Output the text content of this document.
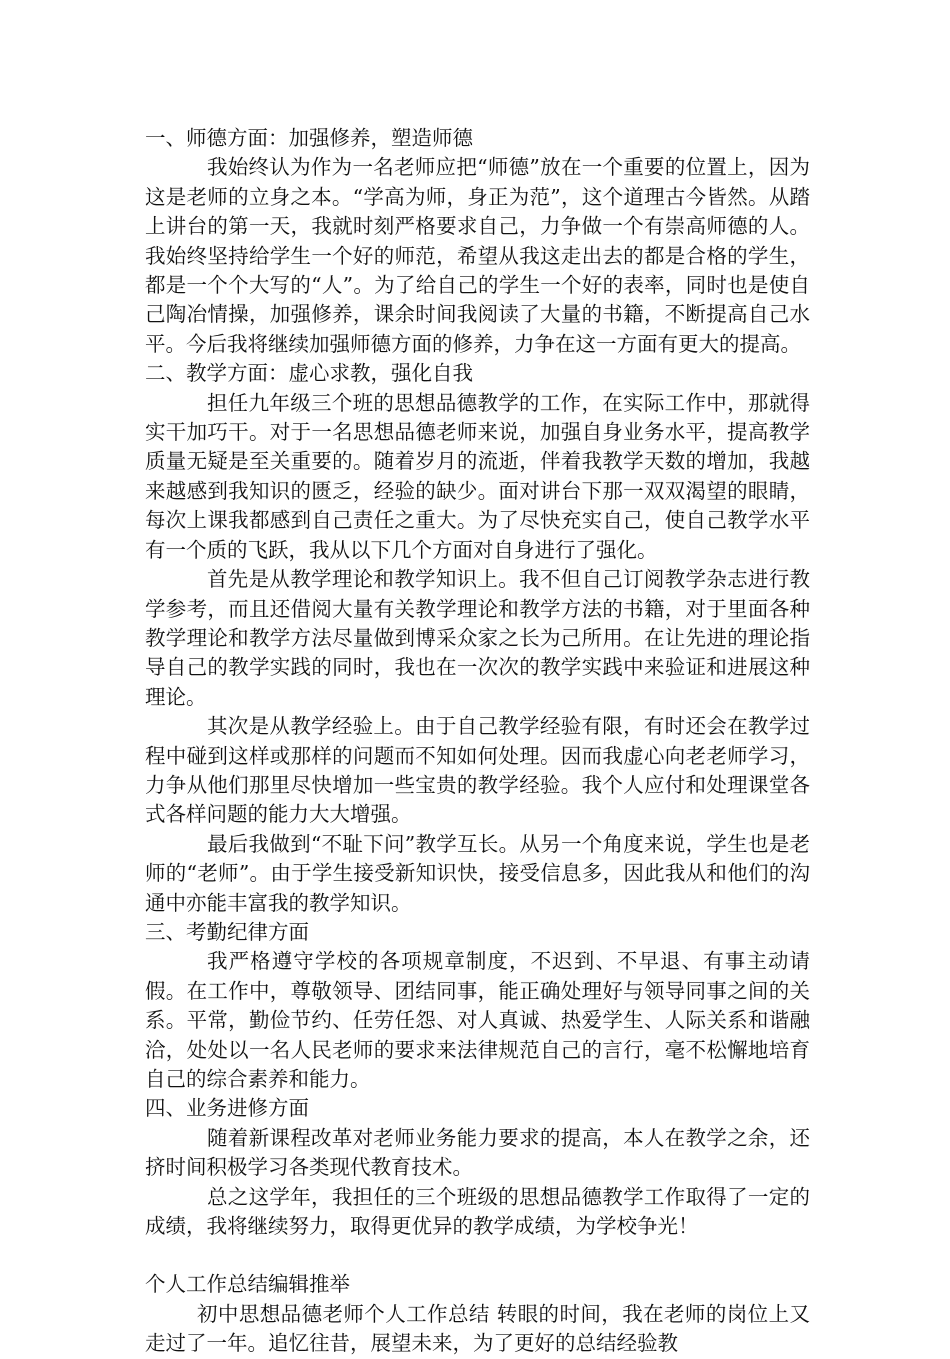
一、师德方面：加强修养，塑造师德

我始终认为作为一名老师应把“师德”放在一个重要的位置上，因为这是老师的立身之本。“学高为师，身正为范”，这个道理古今皆然。从踏上讲台的第一天，我就时刻严格要求自己，力争做一个有崇高师德的人。我始终坚持给学生一个好的师范，希望从我这走出去的都是合格的学生，都是一个个大写的“人”。为了给自己的学生一个好的表率，同时也是使自己陶冶情操，加强修养，课余时间我阅读了大量的书籍，不断提高自己水平。今后我将继续加强师德方面的修养，力争在这一方面有更大的提高。

二、教学方面：虚心求教，强化自我

担任九年级三个班的思想品德教学的工作，在实际工作中，那就得实干加巧干。对于一名思想品德老师来说，加强自身业务水平，提高教学质量无疑是至关重要的。随着岁月的流逝，伴着我教学天数的增加，我越来越感到我知识的匮乏，经验的缺少。面对讲台下那一双双渴望的眼睛，每次上课我都感到自己责任之重大。为了尽快充实自己，使自己教学水平有一个质的飞跃，我从以下几个方面对自身进行了强化。

首先是从教学理论和教学知识上。我不但自己订阅教学杂志进行教学参考，而且还借阅大量有关教学理论和教学方法的书籍，对于里面各种教学理论和教学方法尽量做到博采众家之长为己所用。在让先进的理论指导自己的教学实践的同时，我也在一次次的教学实践中来验证和进展这种理论。

其次是从教学经验上。由于自己教学经验有限，有时还会在教学过程中碰到这样或那样的问题而不知如何处理。因而我虚心向老老师学习，力争从他们那里尽快增加一些宝贵的教学经验。我个人应付和处理课堂各式各样问题的能力大大增强。

最后我做到“不耻下问”教学互长。从另一个角度来说，学生也是老师的“老师”。由于学生接受新知识快，接受信息多，因此我从和他们的沟通中亦能丰富我的教学知识。

三、考勤纪律方面

我严格遵守学校的各项规章制度，不迟到、不早退、有事主动请假。在工作中，尊敬领导、团结同事，能正确处理好与领导同事之间的关系。平常，勤俭节约、任劳任怨、对人真诚、热爱学生、人际关系和谐融洽，处处以一名人民老师的要求来法律规范自己的言行，毫不松懈地培育自己的综合素养和能力。

四、业务进修方面

随着新课程改革对老师业务能力要求的提高，本人在教学之余，还挤时间积极学习各类现代教育技术。

总之这学年，我担任的三个班级的思想品德教学工作取得了一定的成绩，我将继续努力，取得更优异的教学成绩，为学校争光！

个人工作总结编辑推举

初中思想品德老师个人工作总结 转眼的时间，我在老师的岗位上又走过了一年。追忆往昔，展望未来，为了更好的总结经验教
